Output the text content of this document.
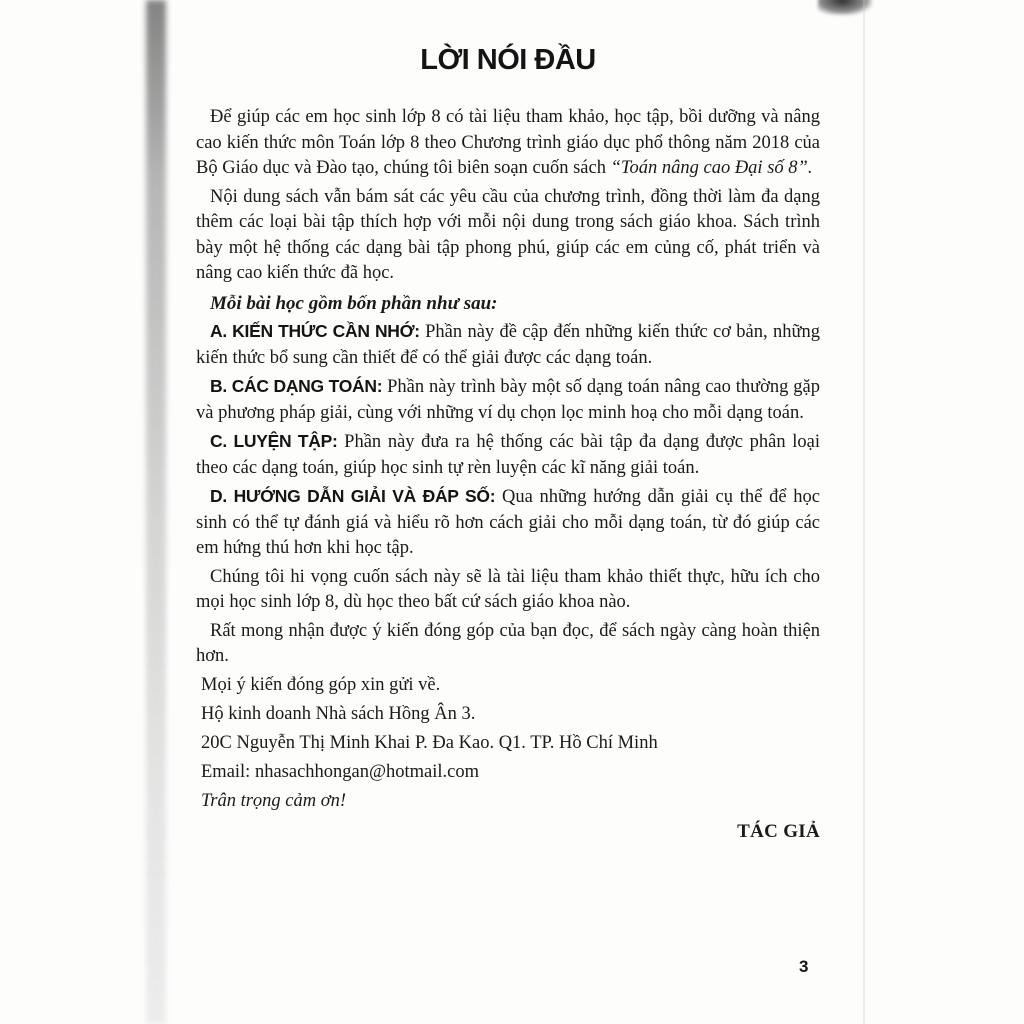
LỜI NÓI ĐẦU

Để giúp các em học sinh lớp 8 có tài liệu tham khảo, học tập, bồi dưỡng và nâng cao kiến thức môn Toán lớp 8 theo Chương trình giáo dục phổ thông năm 2018 của Bộ Giáo dục và Đào tạo, chúng tôi biên soạn cuốn sách “Toán nâng cao Đại số 8”.

Nội dung sách vẫn bám sát các yêu cầu của chương trình, đồng thời làm đa dạng thêm các loại bài tập thích hợp với mỗi nội dung trong sách giáo khoa. Sách trình bày một hệ thống các dạng bài tập phong phú, giúp các em củng cố, phát triển và nâng cao kiến thức đã học.

Mỗi bài học gồm bốn phần như sau:

A. KIẾN THỨC CẦN NHỚ: Phần này đề cập đến những kiến thức cơ bản, những kiến thức bổ sung cần thiết để có thể giải được các dạng toán.

B. CÁC DẠNG TOÁN: Phần này trình bày một số dạng toán nâng cao thường gặp và phương pháp giải, cùng với những ví dụ chọn lọc minh hoạ cho mỗi dạng toán.

C. LUYỆN TẬP: Phần này đưa ra hệ thống các bài tập đa dạng được phân loại theo các dạng toán, giúp học sinh tự rèn luyện các kĩ năng giải toán.

D. HƯỚNG DẪN GIẢI VÀ ĐÁP SỐ: Qua những hướng dẫn giải cụ thể để học sinh có thể tự đánh giá và hiểu rõ hơn cách giải cho mỗi dạng toán, từ đó giúp các em hứng thú hơn khi học tập.

Chúng tôi hi vọng cuốn sách này sẽ là tài liệu tham khảo thiết thực, hữu ích cho mọi học sinh lớp 8, dù học theo bất cứ sách giáo khoa nào.

Rất mong nhận được ý kiến đóng góp của bạn đọc, để sách ngày càng hoàn thiện hơn.

Mọi ý kiến đóng góp xin gửi về.

Hộ kinh doanh Nhà sách Hồng Ân 3.

20C Nguyễn Thị Minh Khai P. Đa Kao. Q1. TP. Hồ Chí Minh

Email: nhasachhongan@hotmail.com

Trân trọng cảm ơn!

TÁC GIẢ

3
